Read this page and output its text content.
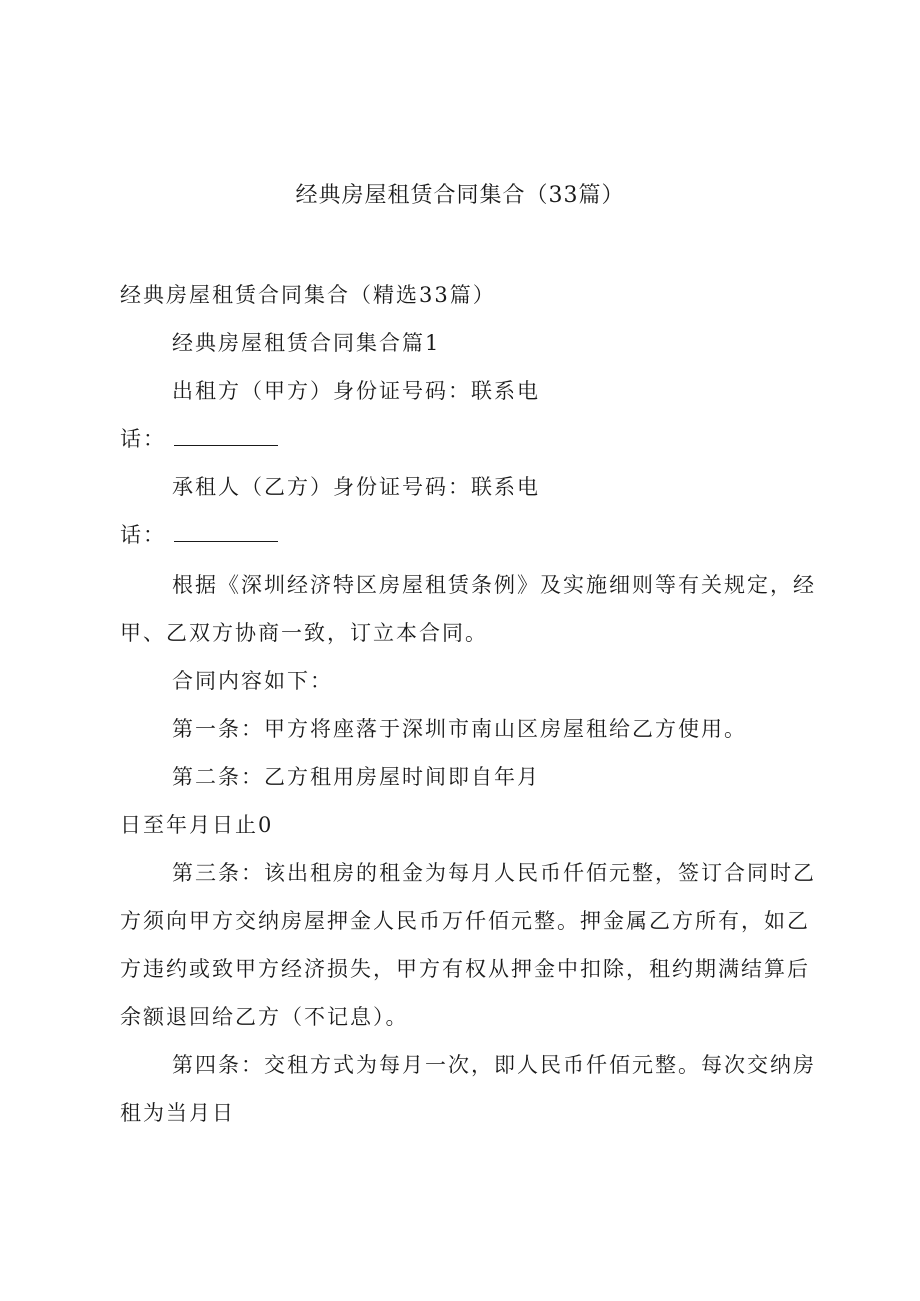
经典房屋租赁合同集合（33篇）
经典房屋租赁合同集合（精选33篇）
经典房屋租赁合同集合篇1
出租方（甲方）身份证号码：联系电
话：
承租人（乙方）身份证号码：联系电
话：
根据《深圳经济特区房屋租赁条例》及实施细则等有关规定，经
甲、乙双方协商一致，订立本合同。
合同内容如下：
第一条：甲方将座落于深圳市南山区房屋租给乙方使用。
第二条：乙方租用房屋时间即自年月
日至年月日止0
第三条：该出租房的租金为每月人民币仟佰元整，签订合同时乙
方须向甲方交纳房屋押金人民币万仟佰元整。押金属乙方所有，如乙
方违约或致甲方经济损失，甲方有权从押金中扣除，租约期满结算后
余额退回给乙方（不记息）。
第四条：交租方式为每月一次，即人民币仟佰元整。每次交纳房
租为当月日
